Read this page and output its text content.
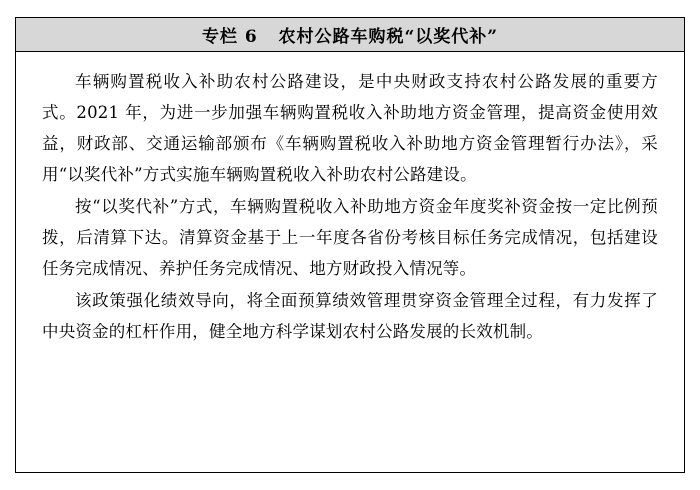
专栏 6   农村公路车购税“以奖代补”

车辆购置税收入补助农村公路建设，是中央财政支持农村公路发展的重要方式。2021 年，为进一步加强车辆购置税收入补助地方资金管理，提高资金使用效益，财政部、交通运输部颁布《车辆购置税收入补助地方资金管理暂行办法》，采用“以奖代补”方式实施车辆购置税收入补助农村公路建设。

按“以奖代补”方式，车辆购置税收入补助地方资金年度奖补资金按一定比例预拨，后清算下达。清算资金基于上一年度各省份考核目标任务完成情况，包括建设任务完成情况、养护任务完成情况、地方财政投入情况等。

该政策强化绩效导向，将全面预算绩效管理贯穿资金管理全过程，有力发挥了中央资金的杠杆作用，健全地方科学谋划农村公路发展的长效机制。
